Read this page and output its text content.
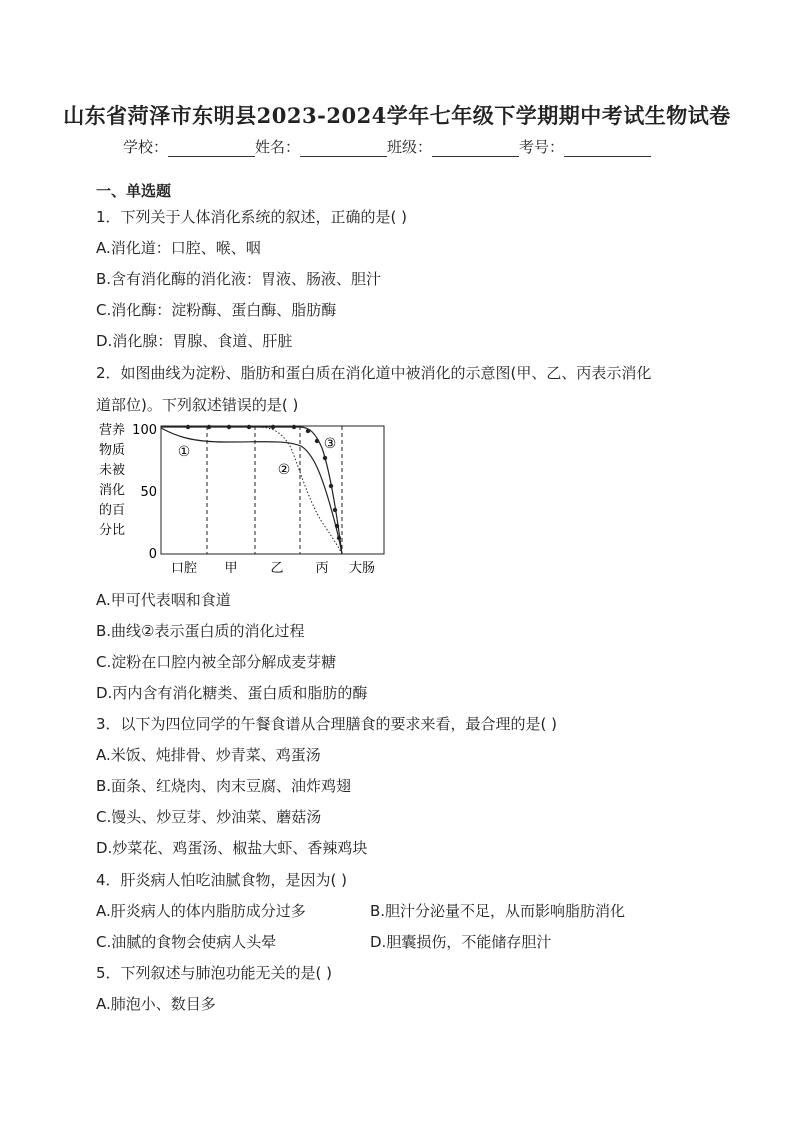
山东省菏泽市东明县2023-2024学年七年级下学期期中考试生物试卷
学校：	姓名：	班级：	考号：
一、单选题
1．下列关于人体消化系统的叙述，正确的是( )
A.消化道：口腔、喉、咽
B.含有消化酶的消化液：胃液、肠液、胆汁
C.消化酶：淀粉酶、蛋白酶、脂肪酶
D.消化腺：胃腺、食道、肝脏
2．如图曲线为淀粉、脂肪和蛋白质在消化道中被消化的示意图(甲、乙、丙表示消化
道部位)。下列叙述错误的是( )
营养
物质
未被
消化
的百
分比
100
50
0
①
②
③
口腔 甲	乙 丙 大肠
A.甲可代表咽和食道
B.曲线②表示蛋白质的消化过程
C.淀粉在口腔内被全部分解成麦芽糖
D.丙内含有消化糖类、蛋白质和脂肪的酶
3．以下为四位同学的午餐食谱从合理膳食的要求来看，最合理的是( )
A.米饭、炖排骨、炒青菜、鸡蛋汤
B.面条、红烧肉、肉末豆腐、油炸鸡翅
C.馒头、炒豆芽、炒油菜、蘑菇汤
D.炒菜花、鸡蛋汤、椒盐大虾、香辣鸡块
4．肝炎病人怕吃油腻食物，是因为( )
A.肝炎病人的体内脂肪成分过多	B.胆汁分泌量不足，从而影响脂肪消化
C.油腻的食物会使病人头晕	D.胆囊损伤，不能储存胆汁
5．下列叙述与肺泡功能无关的是( )
A.肺泡小、数目多
